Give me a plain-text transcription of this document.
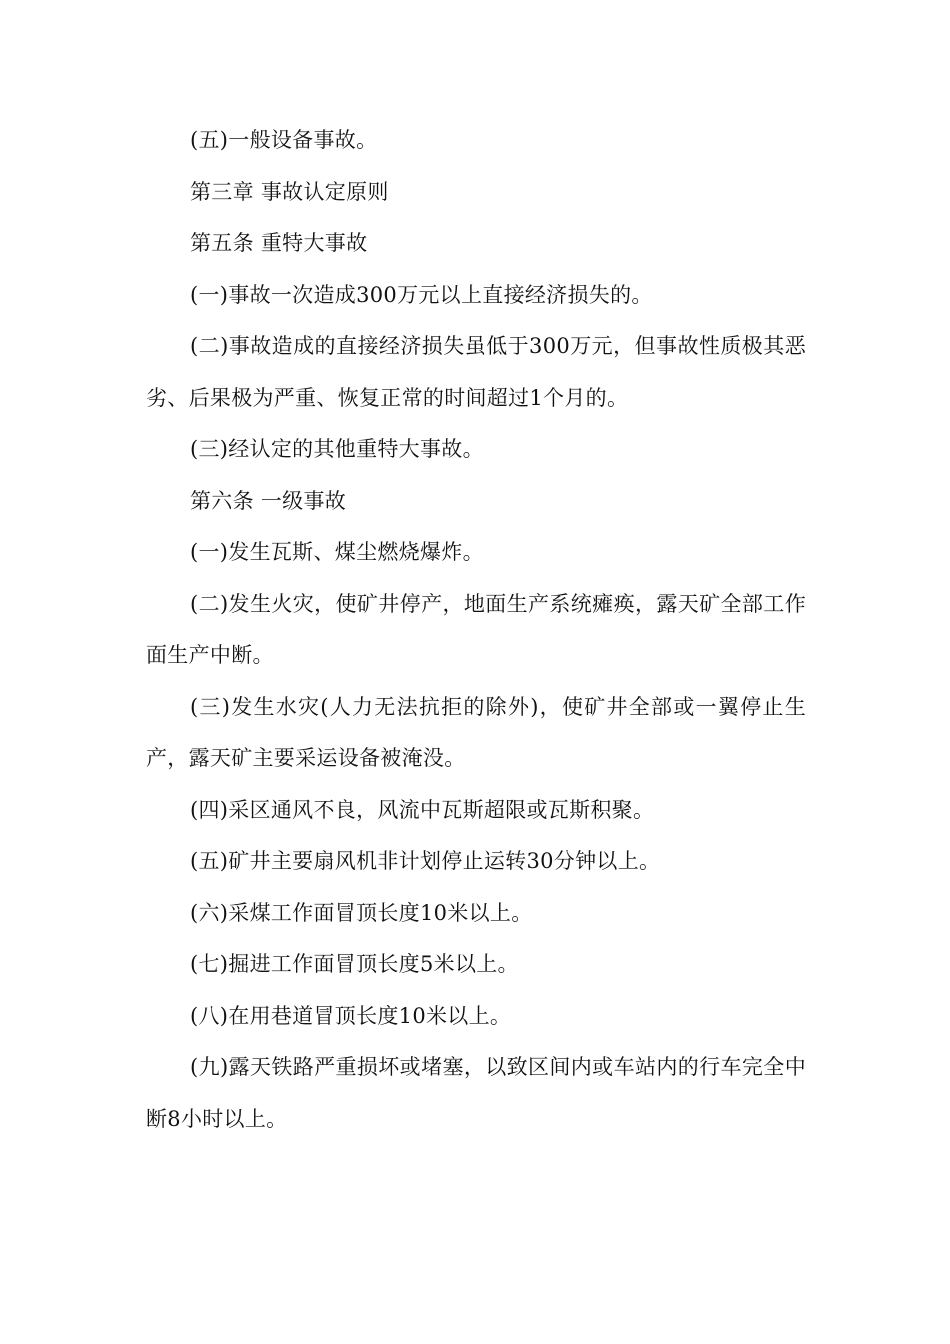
(五)一般设备事故。

第三章 事故认定原则

第五条 重特大事故

(一)事故一次造成300万元以上直接经济损失的。

(二)事故造成的直接经济损失虽低于300万元，但事故性质极其恶劣、后果极为严重、恢复正常的时间超过1个月的。

(三)经认定的其他重特大事故。

第六条 一级事故

(一)发生瓦斯、煤尘燃烧爆炸。

(二)发生火灾，使矿井停产，地面生产系统瘫痪，露天矿全部工作面生产中断。

(三)发生水灾(人力无法抗拒的除外)，使矿井全部或一翼停止生产，露天矿主要采运设备被淹没。

(四)采区通风不良，风流中瓦斯超限或瓦斯积聚。

(五)矿井主要扇风机非计划停止运转30分钟以上。

(六)采煤工作面冒顶长度10米以上。

(七)掘进工作面冒顶长度5米以上。

(八)在用巷道冒顶长度10米以上。

(九)露天铁路严重损坏或堵塞，以致区间内或车站内的行车完全中断8小时以上。
